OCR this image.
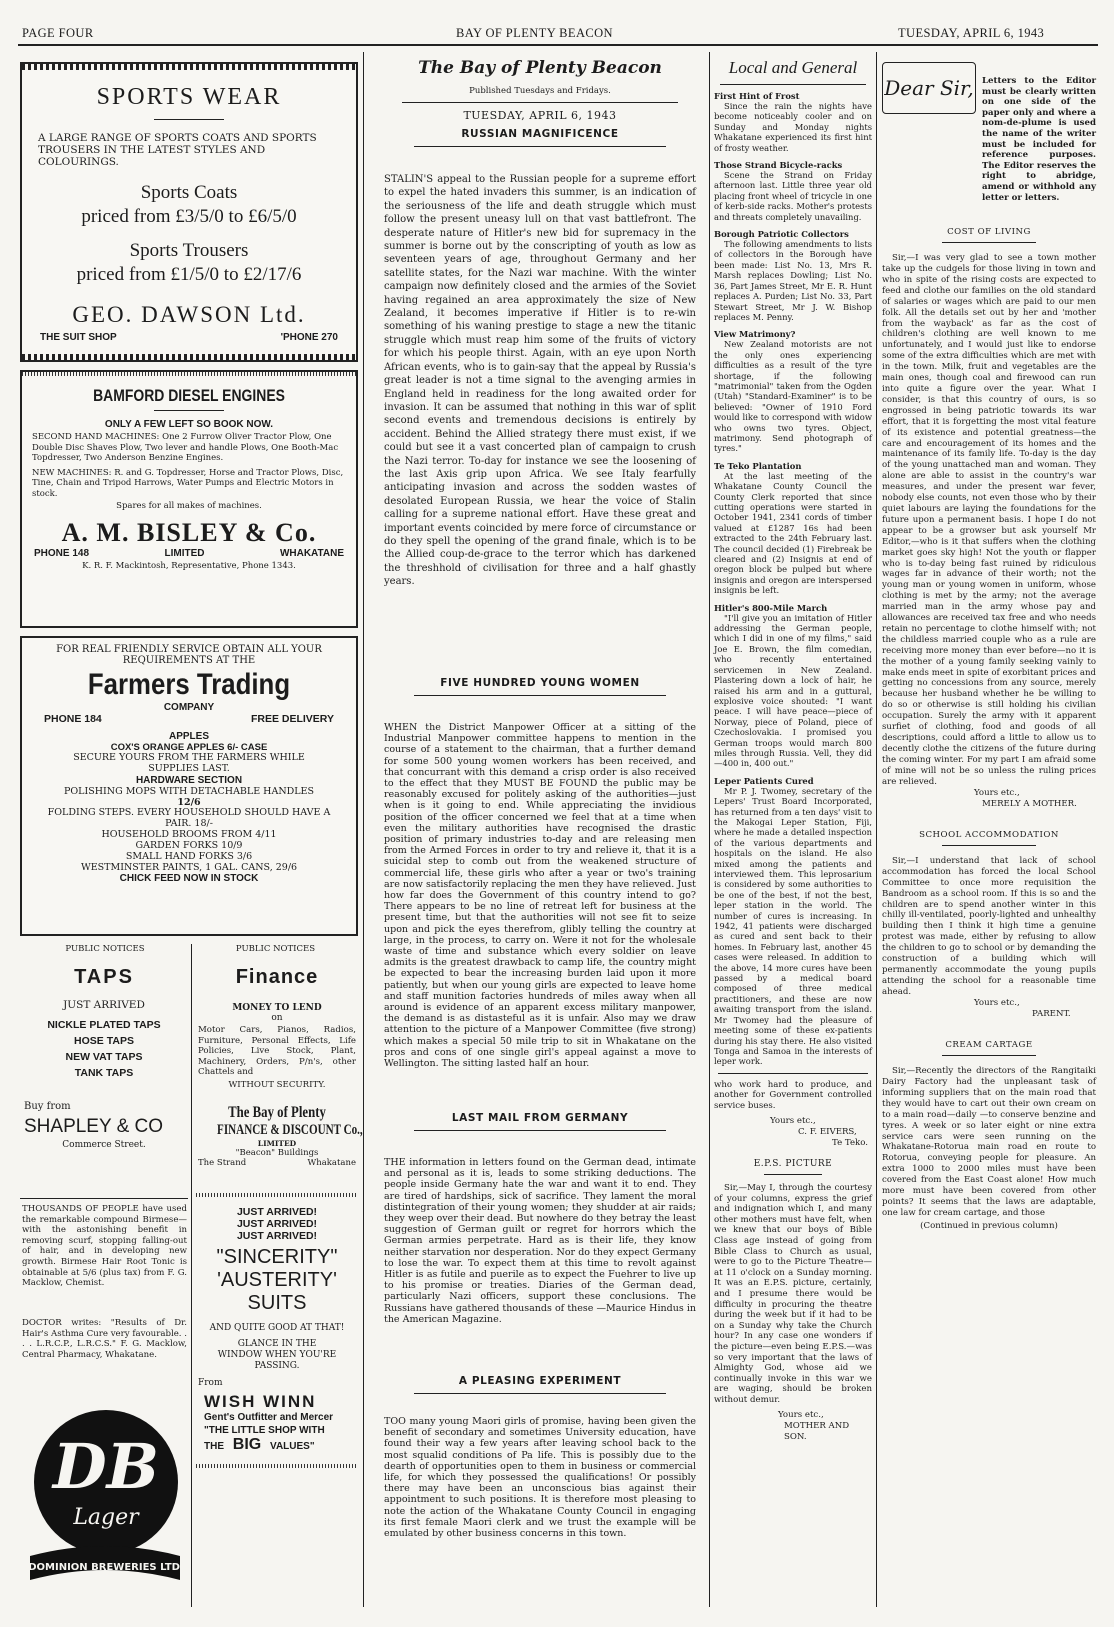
PAGE FOUR	BAY OF PLENTY BEACON	TUESDAY, APRIL 6, 1943
SPORTS WEAR
A LARGE RANGE OF SPORTS COATS AND SPORTS TROUSERS IN THE LATEST STYLES AND COLOURINGS.
Sports Coats
priced from £3/5/0 to £6/5/0
Sports Trousers
priced from £1/5/0 to £2/17/6
GEO. DAWSON Ltd.
THE SUIT SHOP	'PHONE 270
BAMFORD DIESEL ENGINES
ONLY A FEW LEFT SO BOOK NOW.
SECOND HAND MACHINES: One 2 Furrow Oliver Tractor Plow, One Double Disc Shaves Plow, Two lever and handle Plows, One Booth-Mac Topdresser, Two Anderson Benzine Engines.
NEW MACHINES: R. and G. Topdresser, Horse and Tractor Plows, Disc, Tine, Chain and Tripod Harrows, Water Pumps and Electric Motors in stock.
Spares for all makes of machines.
A. M. BISLEY & Co.
PHONE 148	LIMITED	WHAKATANE
K. R. F. Mackintosh, Representative, Phone 1343.
FOR REAL FRIENDLY SERVICE OBTAIN ALL YOUR REQUIREMENTS AT THE
Farmers Trading
COMPANY
PHONE 184	FREE DELIVERY
APPLES
COX'S ORANGE APPLES 6/- CASE
SECURE YOURS FROM THE FARMERS WHILE SUPPLIES LAST.
HARDWARE SECTION
POLISHING MOPS WITH DETACHABLE HANDLES
12/6
FOLDING STEPS. EVERY HOUSEHOLD SHOULD HAVE A PAIR. 18/-
HOUSEHOLD BROOMS FROM 4/11
GARDEN FORKS 10/9
SMALL HAND FORKS 3/6
WESTMINSTER PAINTS, 1 GAL. CANS, 29/6
CHICK FEED NOW IN STOCK
PUBLIC NOTICES	PUBLIC NOTICES
TAPS
JUST ARRIVED
NICKLE PLATED TAPS
HOSE TAPS
NEW VAT TAPS
TANK TAPS
Buy from
SHAPLEY & CO
Commerce Street.
THOUSANDS OF PEOPLE have used the remarkable compound Birmese—with the astonishing benefit in removing scurf, stopping falling-out of hair, and in developing new growth. Birmese Hair Root Tonic is obtainable at 5/6 (plus tax) from F. G. Macklow, Chemist.
DOCTOR writes: "Results of Dr. Hair's Asthma Cure very favourable. . . . L.R.C.P., L.R.C.S." F. G. Macklow, Central Pharmacy, Whakatane.
DB
Lager
DOMINION BREWERIES LTD.
Finance
MONEY TO LEND
on
Motor Cars, Pianos, Radios, Furniture, Personal Effects, Life Policies, Live Stock, Plant, Machinery, Orders, P/n's, other Chattels and
WITHOUT SECURITY.
The Bay of Plenty
FINANCE & DISCOUNT Co.,
LIMITED
"Beacon" Buildings
The Strand	Whakatane
JUST ARRIVED!
JUST ARRIVED!
JUST ARRIVED!
"SINCERITY"
'AUSTERITY'
SUITS
AND QUITE GOOD AT THAT!
GLANCE IN THE WINDOW WHEN YOU'RE PASSING.
From
WISH WINN
Gent's Outfitter and Mercer
"THE LITTLE SHOP WITH
THE BIG VALUES"
The Bay of Plenty Beacon
Published Tuesdays and Fridays.
TUESDAY, APRIL 6, 1943
RUSSIAN MAGNIFICENCE
STALIN'S appeal to the Russian people for a supreme effort to expel the hated invaders this summer, is an indication of the seriousness of the life and death struggle which must follow the present uneasy lull on that vast battlefront. The desperate nature of Hitler's new bid for supremacy in the summer is borne out by the conscripting of youth as low as seventeen years of age, throughout Germany and her satellite states, for the Nazi war machine. With the winter campaign now definitely closed and the armies of the Soviet having regained an area approximately the size of New Zealand, it becomes imperative if Hitler is to re-win something of his waning prestige to stage a new the titanic struggle which must reap him some of the fruits of victory for which his people thirst. Again, with an eye upon North African events, who is to gain-say that the appeal by Russia's great leader is not a time signal to the avenging armies in England held in readiness for the long awaited order for invasion. It can be assumed that nothing in this war of split second events and tremendous decisions is entirely by accident. Behind the Allied strategy there must exist, if we could but see it a vast concerted plan of campaign to crush the Nazi terror. To-day for instance we see the loosening of the last Axis grip upon Africa. We see Italy fearfully anticipating invasion and across the sodden wastes of desolated European Russia, we hear the voice of Stalin calling for a supreme national effort. Have these great and important events coincided by mere force of circumstance or do they spell the opening of the grand finale, which is to be the Allied coup-de-grace to the terror which has darkened the threshhold of civilisation for three and a half ghastly years.
FIVE HUNDRED YOUNG WOMEN
WHEN the District Manpower Officer at a sitting of the Industrial Manpower committee happens to mention in the course of a statement to the chairman, that a further demand for some 500 young women workers has been received, and that concurrant with this demand a crisp order is also received to the effect that they MUST BE FOUND the public may be reasonably excused for politely asking of the authorities—just when is it going to end. While appreciating the invidious position of the officer concerned we feel that at a time when even the military authorities have recognised the drastic position of primary industries to-day and are releasing men from the Armed Forces in order to try and relieve it, that it is a suicidal step to comb out from the weakened structure of commercial life, these girls who after a year or two's training are now satisfactorily replacing the men they have relieved. Just how far does the Government of this country intend to go? There appears to be no line of retreat left for business at the present time, but that the authorities will not see fit to seize upon and pick the eyes therefrom, glibly telling the country at large, in the process, to carry on. Were it not for the wholesale waste of time and substance which every soldier on leave admits is the greatest drawback to camp life, the country might be expected to bear the increasing burden laid upon it more patiently, but when our young girls are expected to leave home and staff munition factories hundreds of miles away when all around is evidence of an apparent excess military manpower, the demand is as distasteful as it is unfair. Also may we draw attention to the picture of a Manpower Committee (five strong) which makes a special 50 mile trip to sit in Whakatane on the pros and cons of one single girl's appeal against a move to Wellington. The sitting lasted half an hour.
LAST MAIL FROM GERMANY
THE information in letters found on the German dead, intimate and personal as it is, leads to some striking deductions. The people inside Germany hate the war and want it to end. They are tired of hardships, sick of sacrifice. They lament the moral distintegration of their young women; they shudder at air raids; they weep over their dead. But nowhere do they betray the least suggestion of German guilt or regret for horrors which the German armies perpetrate. Hard as is their life, they know neither starvation nor desperation. Nor do they expect Germany to lose the war. To expect them at this time to revolt against Hitler is as futile and puerile as to expect the Fuehrer to live up to his promise or treaties. Diaries of the German dead, particularly Nazi officers, support these conclusions. The Russians have gathered thousands of these —Maurice Hindus in the American Magazine.
A PLEASING EXPERIMENT
TOO many young Maori girls of promise, having been given the benefit of secondary and sometimes University education, have found their way a few years after leaving school back to the most squalid conditions of Pa life. This is possibly due to the dearth of opportunities open to them in business or commercial life, for which they possessed the qualifications! Or possibly there may have been an unconscious bias against their appointment to such positions. It is therefore most pleasing to note the action of the Whakatane County Council in engaging its first female Maori clerk and we trust the example will be emulated by other business concerns in this town.
Local and General
First Hint of Frost
Since the rain the nights have become noticeably cooler and on Sunday and Monday nights Whakatane experienced its first hint of frosty weather.
Those Strand Bicycle-racks
Scene the Strand on Friday afternoon last. Little three year old placing front wheel of tricycle in one of kerb-side racks. Mother's protests and threats completely unavailing.
Borough Patriotic Collectors
The following amendments to lists of collectors in the Borough have been made: List No. 13, Mrs R. Marsh replaces Dowling; List No. 36, Part James Street, Mr E. R. Hunt replaces A. Purden; List No. 33, Part Stewart Street, Mr J. W. Bishop replaces M. Penny.
View Matrimony?
New Zealand motorists are not the only ones experiencing difficulties as a result of the tyre shortage, if the following "matrimonial" taken from the Ogden (Utah) "Standard-Examiner" is to be believed: "Owner of 1910 Ford would like to correspond with widow who owns two tyres. Object, matrimony. Send photograph of tyres."
Te Teko Plantation
At the last meeting of the Whakatane County Council the County Clerk reported that since cutting operations were started in October 1941, 2341 cords of timber valued at £1287 16s had been extracted to the 24th February last. The council decided (1) Firebreak be cleared and (2) Insignis at end of oregon block be pulped but where insignis and oregon are interspersed insignis be left.
Hitler's 800-Mile March
"I'll give you an imitation of Hitler addressing the German people, which I did in one of my films," said Joe E. Brown, the film comedian, who recently entertained servicemen in New Zealand. Plastering down a lock of hair, he raised his arm and in a guttural, explosive voice shouted: "I want peace. I will have peace—piece of Norway, piece of Poland, piece of Czechoslovakia. I promised you German troops would march 800 miles through Russia. Vell, they did—400 in, 400 out."
Leper Patients Cured
Mr P. J. Twomey, secretary of the Lepers' Trust Board Incorporated, has returned from a ten days' visit to the Makogai Leper Station, Fiji, where he made a detailed inspection of the various departments and hospitals on the island. He also mixed among the patients and interviewed them. This leprosarium is considered by some authorities to be one of the best, if not the best, leper station in the world. The number of cures is increasing. In 1942, 41 patients were discharged as cured and sent back to their homes. In February last, another 45 cases were released. In addition to the above, 14 more cures have been passed by a medical board composed of three medical practitioners, and these are now awaiting transport from the island. Mr Twomey had the pleasure of meeting some of these ex-patients during his stay there. He also visited Tonga and Samoa in the interests of leper work.
who work hard to produce, and another for Government controlled service buses.
Yours etc.,
C. F. EIVERS,
Te Teko.
E.P.S. PICTURE
Sir,—May I, through the courtesy of your columns, express the grief and indignation which I, and many other mothers must have felt, when we knew that our boys of Bible Class age instead of going from Bible Class to Church as usual, were to go to the Picture Theatre—at 11 o'clock on a Sunday morning. It was an E.P.S. picture, certainly, and I presume there would be difficulty in procuring the theatre during the week but if it had to be on a Sunday why take the Church hour? In any case one wonders if the picture—even being E.P.S.—was so very important that the laws of Almighty God, whose aid we continually invoke in this war we are waging, should be broken without demur.
Yours etc.,
MOTHER AND SON.
Dear Sir, Letters to the Editor must be clearly written on one side of the paper only and where a nom-de-plume is used the name of the writer must be included for reference purposes. The Editor reserves the right to abridge, amend or withhold any letter or letters.
COST OF LIVING
Sir,—I was very glad to see a town mother take up the cudgels for those living in town and who in spite of the rising costs are expected to feed and clothe our families on the old standard of salaries or wages which are paid to our men folk. All the details set out by her and 'mother from the wayback' as far as the cost of children's clothing are well known to me unfortunately, and I would just like to endorse some of the extra difficulties which are met with in the town. Milk, fruit and vegetables are the main ones, though coal and firewood can run into quite a figure over the year. What I consider, is that this country of ours, is so engrossed in being patriotic towards its war effort, that it is forgetting the most vital feature of its existence and potential greatness—the care and encouragement of its homes and the maintenance of its family life. To-day is the day of the young unattached man and woman. They alone are able to assist in the country's war measures, and under the present war fever, nobody else counts, not even those who by their quiet labours are laying the foundations for the future upon a permanent basis. I hope I do not appear to be a growser but ask yourself Mr Editor,—who is it that suffers when the clothing market goes sky high! Not the youth or flapper who is to-day being fast ruined by ridiculous wages far in advance of their worth; not the young man or young women in uniform, whose clothing is met by the army; not the average married man in the army whose pay and allowances are received tax free and who needs retain no percentage to clothe himself with; not the childless married couple who as a rule are receiving more money than ever before—no it is the mother of a young family seeking vainly to make ends meet in spite of exorbitant prices and getting no concessions from any source, merely because her husband whether he be willing to do so or otherwise is still holding his civilian occupation. Surely the army with it apparent surfiet of clothing, food and goods of all descriptions, could afford a little to allow us to decently clothe the citizens of the future during the coming winter. For my part I am afraid some of mine will not be so unless the ruling prices are relieved.
Yours etc.,
MERELY A MOTHER.
SCHOOL ACCOMMODATION
Sir,—I understand that lack of school accommodation has forced the local School Committee to once more requisition the Bandroom as a school room. If this is so and the children are to spend another winter in this chilly ill-ventilated, poorly-lighted and unhealthy building then I think it high time a genuine protest was made, either by refusing to allow the children to go to school or by demanding the construction of a building which will permanently accommodate the young pupils attending the school for a reasonable time ahead.
Yours etc.,
PARENT.
CREAM CARTAGE
Sir,—Recently the directors of the Rangitaiki Dairy Factory had the unpleasant task of informing suppliers that on the main road that they would have to cart out their own cream on to a main road—daily —to conserve benzine and tyres. A week or so later eight or nine extra service cars were seen running on the Whakatane-Rotorua main road en route to Rotorua, conveying people for pleasure. An extra 1000 to 2000 miles must have been covered from the East Coast alone! How much more must have been covered from other points? It seems that the laws are adaptable, one law for cream cartage, and those
(Continued in previous column)
